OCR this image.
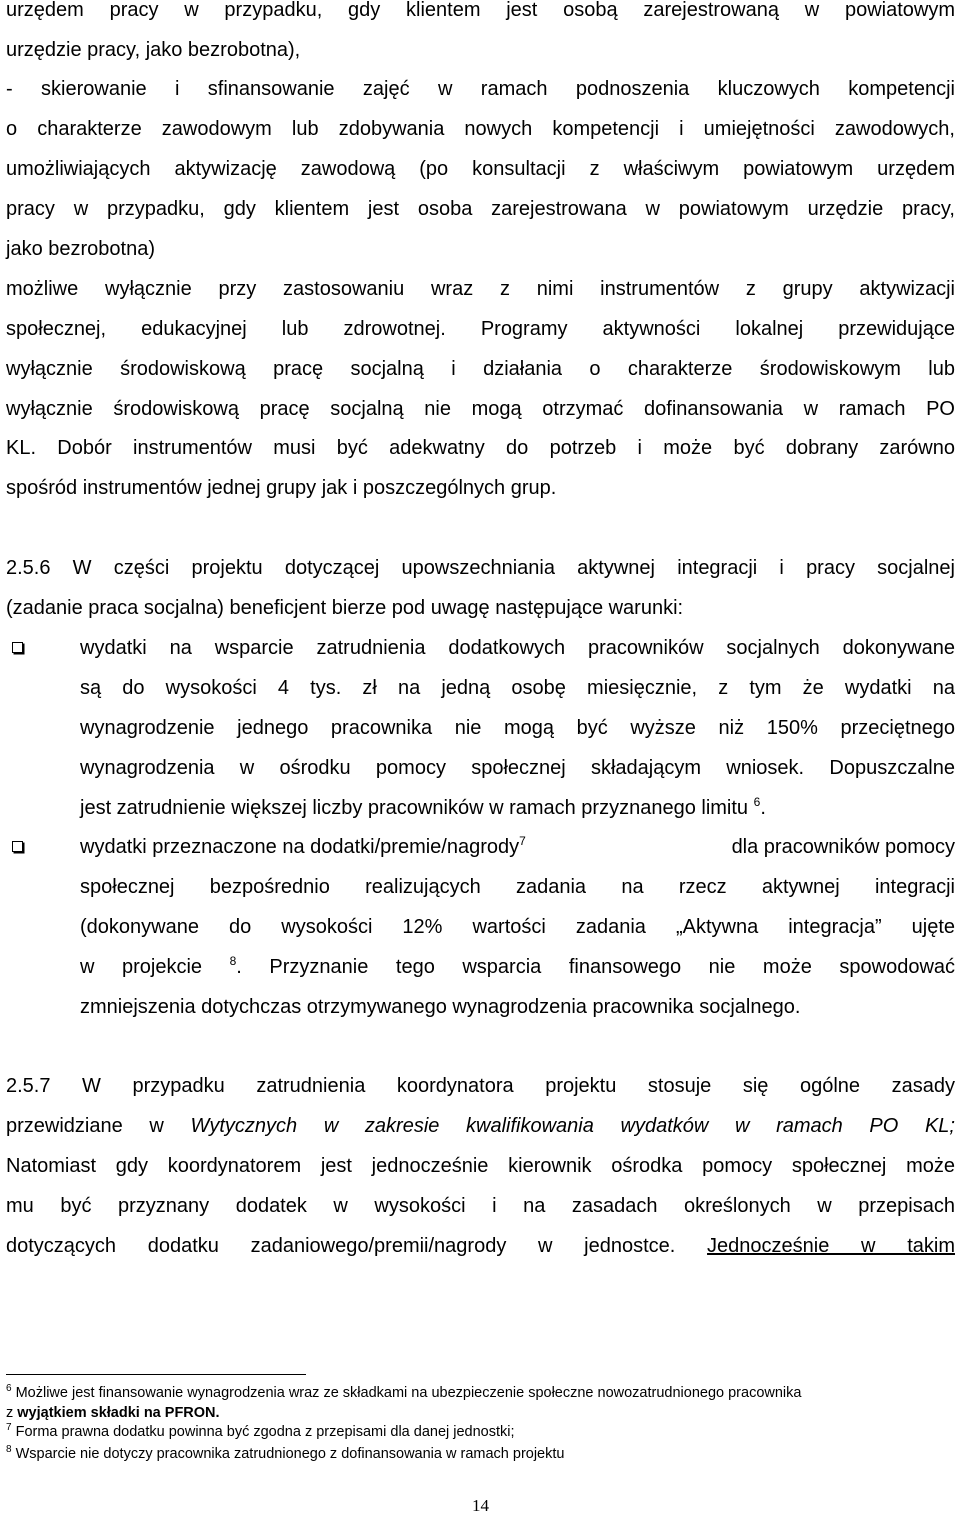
urzędem pracy w przypadku, gdy klientem jest osobą zarejestrowaną w powiatowym
urzędzie pracy, jako bezrobotna),
- skierowanie i sfinansowanie zajęć w ramach podnoszenia kluczowych kompetencji
o charakterze zawodowym lub zdobywania nowych kompetencji i umiejętności zawodowych,
umożliwiających aktywizację zawodową (po konsultacji z właściwym powiatowym urzędem
pracy w przypadku, gdy klientem jest osoba zarejestrowana w powiatowym urzędzie pracy,
jako bezrobotna)
możliwe wyłącznie przy zastosowaniu wraz z nimi instrumentów z grupy aktywizacji
społecznej, edukacyjnej lub zdrowotnej. Programy aktywności lokalnej przewidujące
wyłącznie środowiskową pracę socjalną i działania o charakterze środowiskowym lub
wyłącznie środowiskową pracę socjalną nie mogą otrzymać dofinansowania w ramach PO
KL. Dobór instrumentów musi być adekwatny do potrzeb i może być dobrany zarówno
spośród instrumentów jednej grupy jak i poszczególnych grup.
2.5.6 W części projektu dotyczącej upowszechniania aktywnej integracji i pracy socjalnej
(zadanie praca socjalna) beneficjent bierze pod uwagę następujące warunki:
wydatki na wsparcie zatrudnienia dodatkowych pracowników socjalnych dokonywane
są do wysokości 4 tys. zł na jedną osobę miesięcznie, z tym że wydatki na
wynagrodzenie jednego pracownika nie mogą być wyższe niż 150% przeciętnego
wynagrodzenia w ośrodku pomocy społecznej składającym wniosek. Dopuszczalne
jest zatrudnienie większej liczby pracowników w ramach przyznanego limitu $^6$.
wydatki przeznaczone na dodatki/premie/nagrody$^7$	dla pracowników pomocy
społecznej bezpośrednio realizujących zadania na rzecz aktywnej integracji
(dokonywane do wysokości 12% wartości zadania „Aktywna integracja” ujęte
w projekcie $^8$. Przyznanie tego wsparcia finansowego nie może spowodować
zmniejszenia dotychczas otrzymywanego wynagrodzenia pracownika socjalnego.
2.5.7 W przypadku zatrudnienia koordynatora projektu stosuje się ogólne zasady
przewidziane w Wytycznych w zakresie kwalifikowania wydatków w ramach PO KL;
Natomiast gdy koordynatorem jest jednocześnie kierownik ośrodka pomocy społecznej może
mu być przyznany dodatek w wysokości i na zasadach określonych w przepisach
dotyczących dodatku zadaniowego/premii/nagrody w jednostce. Jednocześnie w takim
$^6$ Możliwe jest finansowanie wynagrodzenia wraz ze składkami na ubezpieczenie społeczne nowozatrudnionego pracownika
z wyjątkiem składki na PFRON.
$^7$ Forma prawna dodatku powinna być zgodna z przepisami dla danej jednostki;
$^8$ Wsparcie nie dotyczy pracownika zatrudnionego z dofinansowania w ramach projektu
14
